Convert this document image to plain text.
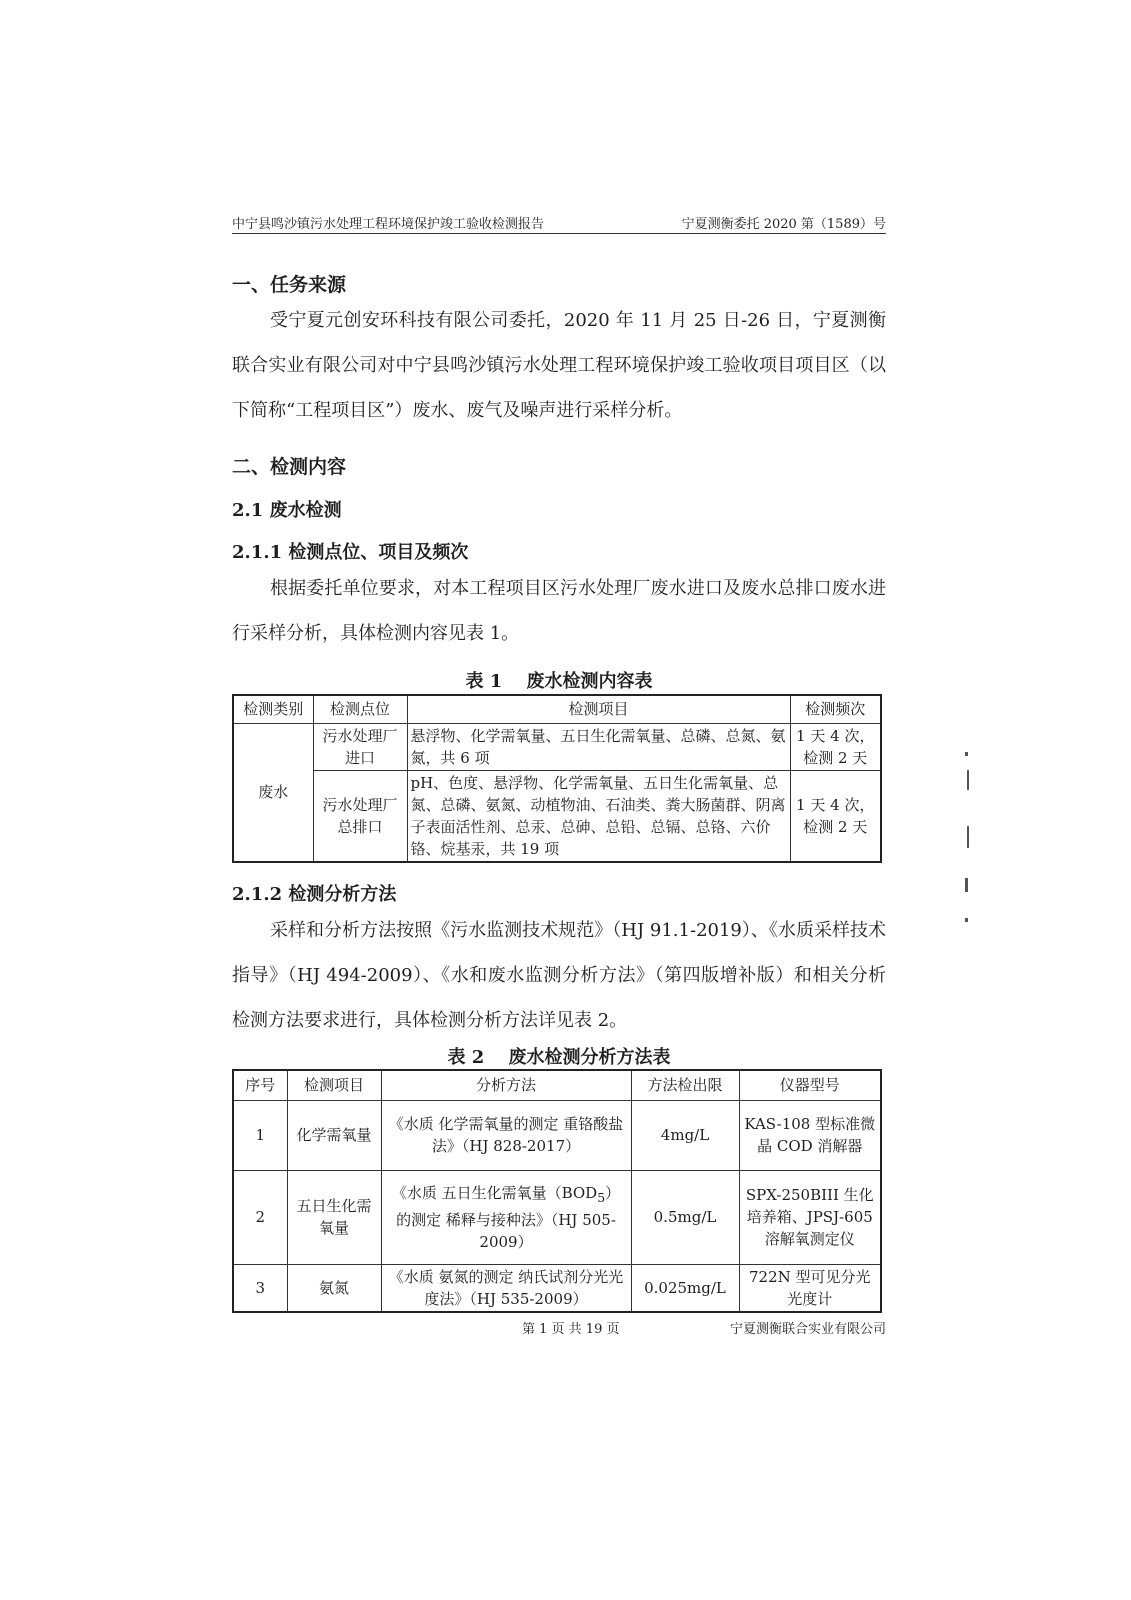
中宁县鸣沙镇污水处理工程环境保护竣工验收检测报告	宁夏测衡委托 2020 第（1589）号
一、任务来源
受宁夏元创安环科技有限公司委托，2020 年 11 月 25 日-26 日，宁夏测衡联合实业有限公司对中宁县鸣沙镇污水处理工程环境保护竣工验收项目项目区（以下简称“工程项目区”）废水、废气及噪声进行采样分析。
二、检测内容
2.1 废水检测
2.1.1 检测点位、项目及频次
根据委托单位要求，对本工程项目区污水处理厂废水进口及废水总排口废水进行采样分析，具体检测内容见表 1。
表 1　 废水检测内容表
检测类别	检测点位	检测项目	检测频次
废水	污水处理厂进口	悬浮物、化学需氧量、五日生化需氧量、总磷、总氮、氨氮，共 6 项	1 天 4 次，检测 2 天
	污水处理厂总排口	pH、色度、悬浮物、化学需氧量、五日生化需氧量、总氮、总磷、氨氮、动植物油、石油类、粪大肠菌群、阴离子表面活性剂、总汞、总砷、总铅、总镉、总铬、六价铬、烷基汞，共 19 项	1 天 4 次，检测 2 天
2.1.2 检测分析方法
采样和分析方法按照《污水监测技术规范》（HJ 91.1-2019）、《水质采样技术指导》（HJ 494-2009）、《水和废水监测分析方法》（第四版增补版）和相关分析检测方法要求进行，具体检测分析方法详见表 2。
表 2　 废水检测分析方法表
序号	检测项目	分析方法	方法检出限	仪器型号
1	化学需氧量	《水质 化学需氧量的测定 重铬酸盐法》（HJ 828-2017）	4mg/L	KAS-108 型标准微晶 COD 消解器
2	五日生化需氧量	《水质 五日生化需氧量$(BOD_5)$的测定 稀释与接种法》（HJ 505-2009）	0.5mg/L	SPX-250BIII 生化培养箱、JPSJ-605 溶解氧测定仪
3	氨氮	《水质 氨氮的测定 纳氏试剂分光光度法》（HJ 535-2009）	0.025mg/L	722N 型可见分光光度计
第 1 页 共 19 页	宁夏测衡联合实业有限公司
